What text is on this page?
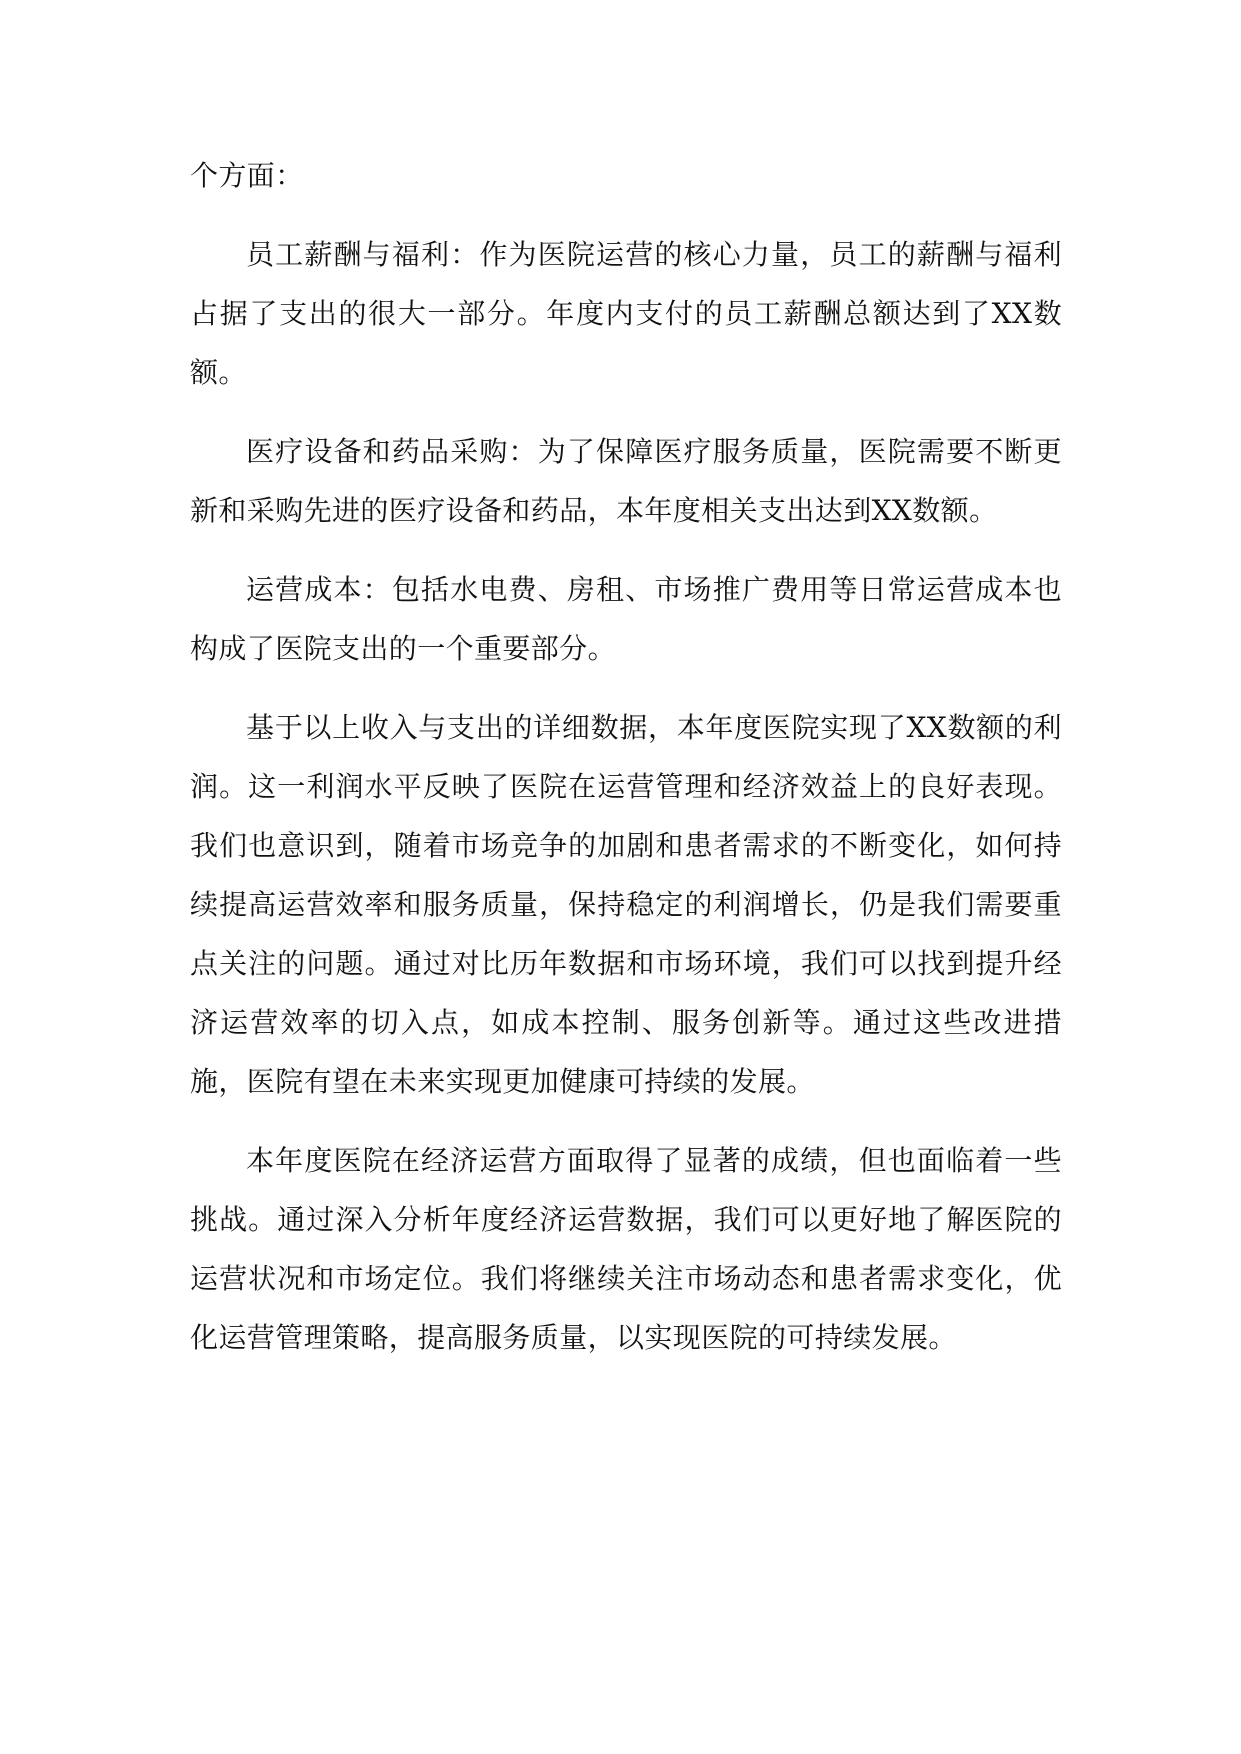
个方面：

员工薪酬与福利：作为医院运营的核心力量，员工的薪酬与福利占据了支出的很大一部分。年度内支付的员工薪酬总额达到了XX数额。

医疗设备和药品采购：为了保障医疗服务质量，医院需要不断更新和采购先进的医疗设备和药品，本年度相关支出达到XX数额。

运营成本：包括水电费、房租、市场推广费用等日常运营成本也构成了医院支出的一个重要部分。

基于以上收入与支出的详细数据，本年度医院实现了XX数额的利润。这一利润水平反映了医院在运营管理和经济效益上的良好表现。我们也意识到，随着市场竞争的加剧和患者需求的不断变化，如何持续提高运营效率和服务质量，保持稳定的利润增长，仍是我们需要重点关注的问题。通过对比历年数据和市场环境，我们可以找到提升经济运营效率的切入点，如成本控制、服务创新等。通过这些改进措施，医院有望在未来实现更加健康可持续的发展。

本年度医院在经济运营方面取得了显著的成绩，但也面临着一些挑战。通过深入分析年度经济运营数据，我们可以更好地了解医院的运营状况和市场定位。我们将继续关注市场动态和患者需求变化，优化运营管理策略，提高服务质量，以实现医院的可持续发展。
